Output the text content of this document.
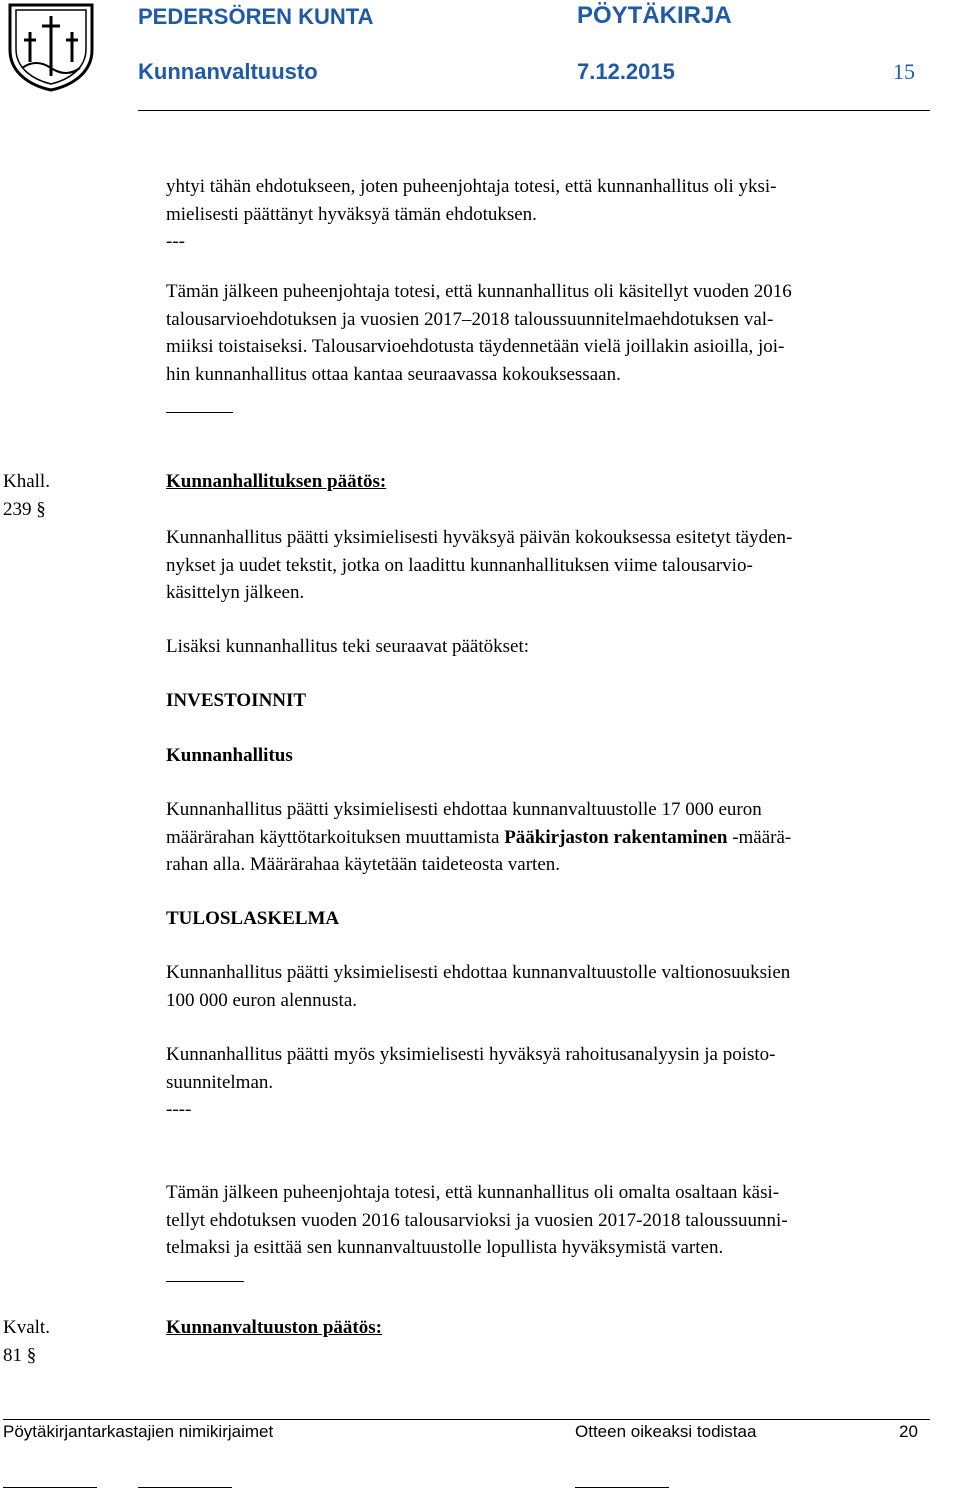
PEDERSÖREN KUNTA	PÖYTÄKIRJA
Kunnanvaltuusto	7.12.2015	15
yhtyi tähän ehdotukseen, joten puheenjohtaja totesi, että kunnanhallitus oli yksi-
mielisesti päättänyt hyväksyä tämän ehdotuksen.
---
Tämän jälkeen puheenjohtaja totesi, että kunnanhallitus oli käsitellyt vuoden 2016
talousarvioehdotuksen ja vuosien 2017–2018 taloussuunnitelmaehdotuksen val-
miiksi toistaiseksi. Talousarvioehdotusta täydennetään vielä joillakin asioilla, joi-
hin kunnanhallitus ottaa kantaa seuraavassa kokouksessaan.
Khall.
239 §
Kunnanhallituksen päätös:
Kunnanhallitus päätti yksimielisesti hyväksyä päivän kokouksessa esitetyt täyden-
nykset ja uudet tekstit, jotka on laadittu kunnanhallituksen viime talousarvio-
käsittelyn jälkeen.
Lisäksi kunnanhallitus teki seuraavat päätökset:
INVESTOINNIT
Kunnanhallitus
Kunnanhallitus päätti yksimielisesti ehdottaa kunnanvaltuustolle 17 000 euron
määrärahan käyttötarkoituksen muuttamista Pääkirjaston rakentaminen -määrä-
rahan alla. Määrärahaa käytetään taideteosta varten.
TULOSLASKELMA
Kunnanhallitus päätti yksimielisesti ehdottaa kunnanvaltuustolle valtionosuuksien
100 000 euron alennusta.
Kunnanhallitus päätti myös yksimielisesti hyväksyä rahoitusanalyysin ja poisto-
suunnitelman.
----
Tämän jälkeen puheenjohtaja totesi, että kunnanhallitus oli omalta osaltaan käsi-
tellyt ehdotuksen vuoden 2016 talousarvioksi ja vuosien 2017-2018 taloussuunni-
telmaksi ja esittää sen kunnanvaltuustolle lopullista hyväksymistä varten.
Kvalt.
81 §
Kunnanvaltuuston päätös:
Pöytäkirjantarkastajien nimikirjaimet	Otteen oikeaksi todistaa	20
